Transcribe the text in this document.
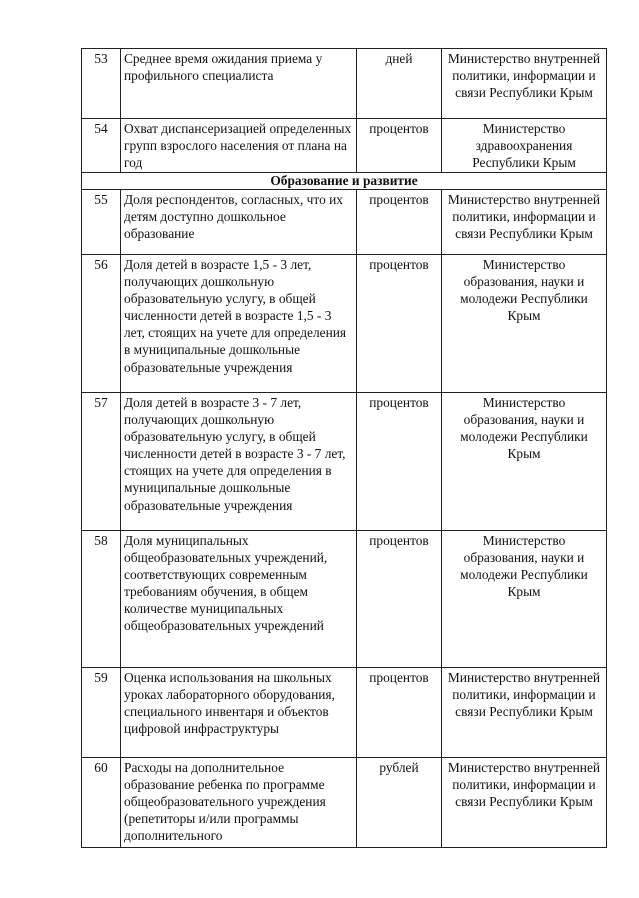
53	Среднее время ожидания приема у профильного специалиста	дней	Министерство внутренней политики, информации и связи Республики Крым
54	Охват диспансеризацией определенных групп взрослого населения от плана на год	процентов	Министерство здравоохранения Республики Крым
Образование и развитие			
55	Доля респондентов, согласных, что их детям доступно дошкольное образование	процентов	Министерство внутренней политики, информации и связи Республики Крым
56	Доля детей в возрасте 1,5 - 3 лет, получающих дошкольную образовательную услугу, в общей численности детей в возрасте 1,5 - 3 лет, стоящих на учете для определения в муниципальные дошкольные образовательные учреждения	процентов	Министерство образования, науки и молодежи Республики Крым
57	Доля детей в возрасте 3 - 7 лет, получающих дошкольную образовательную услугу, в общей численности детей в возрасте 3 - 7 лет, стоящих на учете для определения в муниципальные дошкольные образовательные учреждения	процентов	Министерство образования, науки и молодежи Республики Крым
58	Доля муниципальных общеобразовательных учреждений, соответствующих современным требованиям обучения, в общем количестве муниципальных общеобразовательных учреждений	процентов	Министерство образования, науки и молодежи Республики Крым
59	Оценка использования на школьных уроках лабораторного оборудования, специального инвентаря и объектов цифровой инфраструктуры	процентов	Министерство внутренней политики, информации и связи Республики Крым
60	Расходы на дополнительное образование ребенка по программе общеобразовательного учреждения (репетиторы и/или программы дополнительного	рублей	Министерство внутренней политики, информации и связи Республики Крым
